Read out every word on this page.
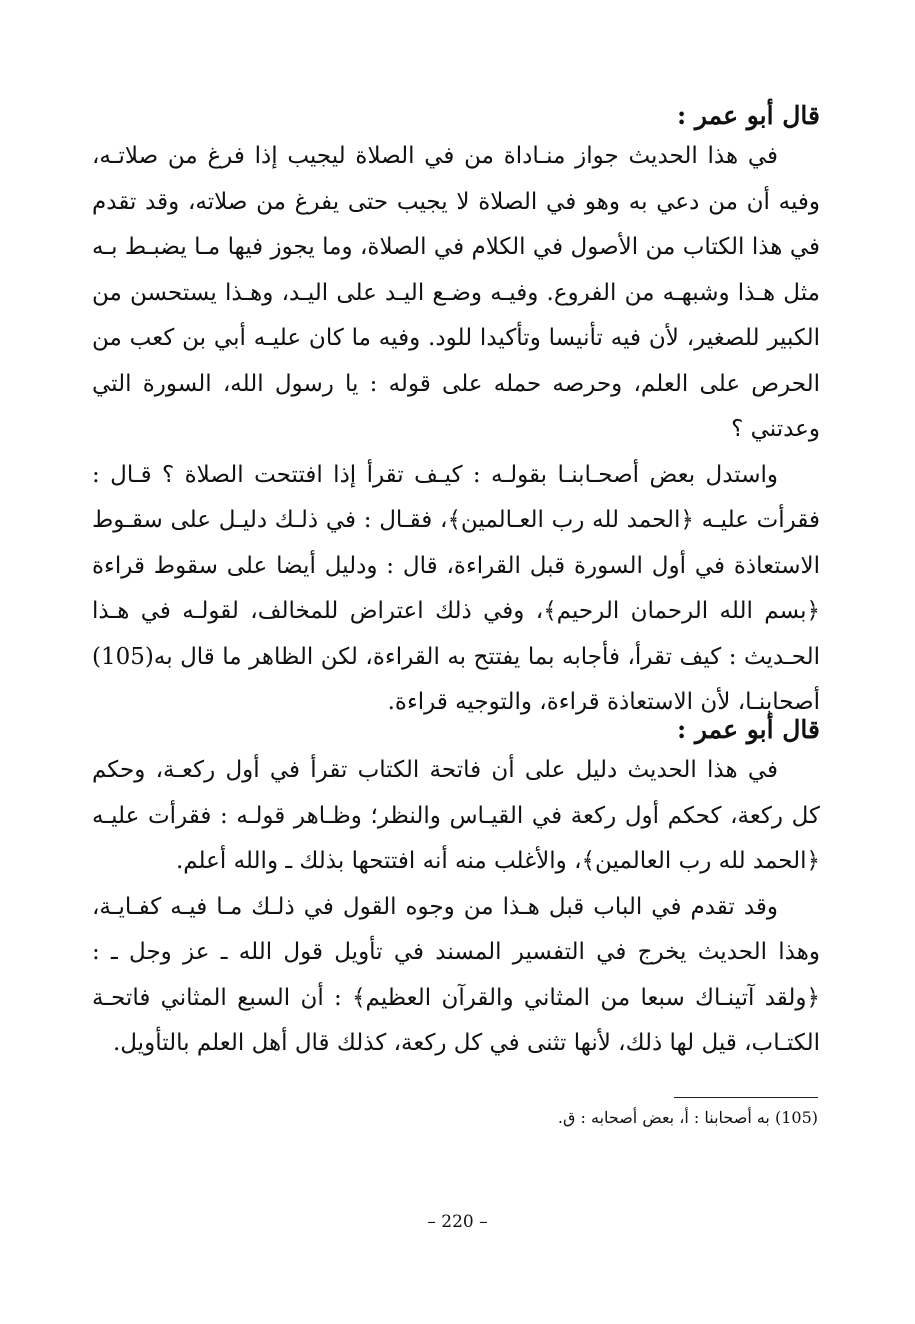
قال أبو عمر :

في هذا الحديث جواز منـاداة من في الصلاة ليجيب إذا فرغ من صلاتـه، وفيه أن من دعي به وهو في الصلاة لا يجيب حتى يفرغ من صلاته، وقد تقدم في هذا الكتاب من الأصول في الكلام في الصلاة، وما يجوز فيها مـا يضبـط بـه مثل هـذا وشبهـه من الفروع. وفيـه وضـع اليـد على اليـد، وهـذا يستحسن من الكبير للصغير، لأن فيه تأنيسا وتأكيدا للود. وفيه ما كان عليـه أبي بن كعب من الحرص على العلم، وحرصه حمله على قوله : يا رسول الله، السورة التي وعدتني ؟

واستدل بعض أصحـابنـا بقولـه : كيـف تقرأ إذا افتتحت الصلاة ؟ قـال : فقرأت عليـه ﴿الحمد لله رب العـالمين﴾، فقـال : في ذلـك دليـل على سقـوط الاستعاذة في أول السورة قبل القراءة، قال : ودليل أيضا على سقوط قراءة ﴿بسم الله الرحمان الرحيم﴾، وفي ذلك اعتراض للمخالف، لقولـه في هـذا الحـديث : كيف تقرأ، فأجابه بما يفتتح به القراءة، لكن الظاهر ما قال به(105) أصحابنـا، لأن الاستعاذة قراءة، والتوجيه قراءة.

قال أبو عمر :

في هذا الحديث دليل على أن فاتحة الكتاب تقرأ في أول ركعـة، وحكم كل ركعة، كحكم أول ركعة في القيـاس والنظر؛ وظـاهر قولـه : فقرأت عليـه ﴿الحمد لله رب العالمين﴾، والأغلب منه أنه افتتحها بذلك ـ والله أعلم.

وقد تقدم في الباب قبل هـذا من وجوه القول في ذلـك مـا فيـه كفـايـة، وهذا الحديث يخرج في التفسير المسند في تأويل قول الله ـ عز وجل ـ : ﴿ولقد آتينـاك سبعا من المثاني والقرآن العظيم﴾ : أن السبع المثاني فاتحـة الكتـاب، قيل لها ذلك، لأنها تثنى في كل ركعة، كذلك قال أهل العلم بالتأويل.

(105) به أصحابنا : أ، بعض أصحابه : ق.

– 220 –
